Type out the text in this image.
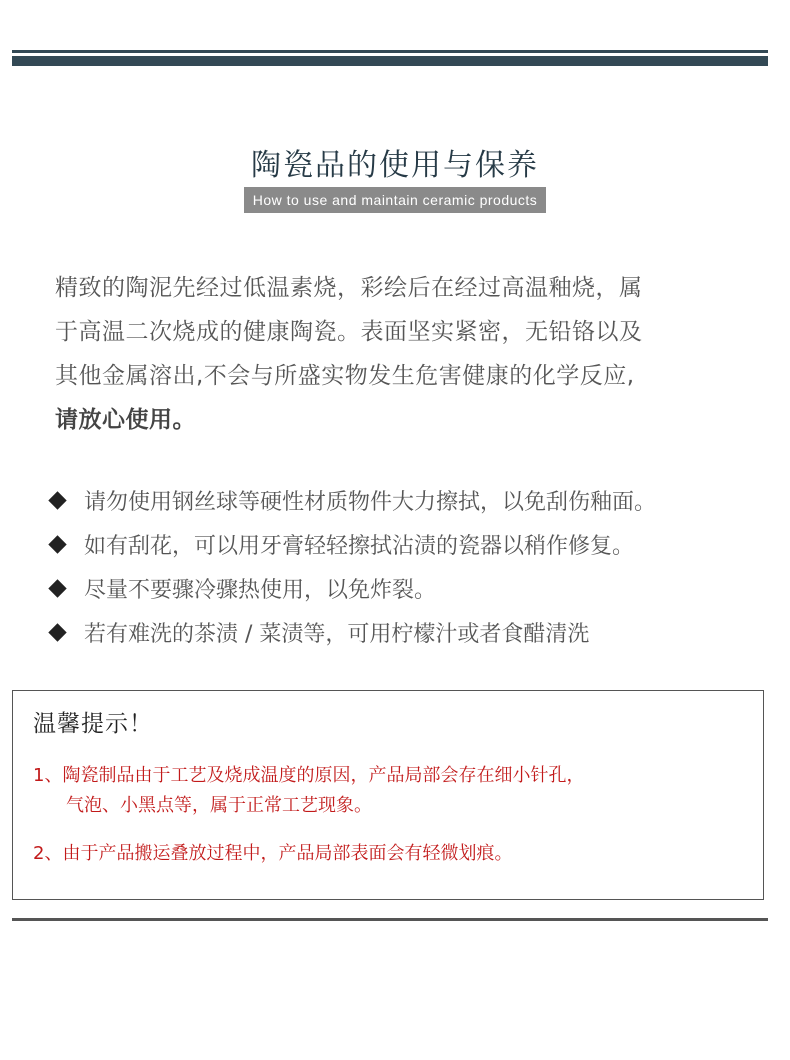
陶瓷品的使用与保养
How to use and maintain ceramic products
精致的陶泥先经过低温素烧，彩绘后在经过高温釉烧，属
于高温二次烧成的健康陶瓷。表面坚实紧密，无铅铬以及
其他金属溶出,不会与所盛实物发生危害健康的化学反应,
请放心使用。
请勿使用钢丝球等硬性材质物件大力擦拭，以免刮伤釉面。
如有刮花，可以用牙膏轻轻擦拭沾渍的瓷器以稍作修复。
尽量不要骤冷骤热使用，以免炸裂。
若有难洗的茶渍 / 菜渍等，可用柠檬汁或者食醋清洗
温馨提示！
1、陶瓷制品由于工艺及烧成温度的原因，产品局部会存在细小针孔，
气泡、小黑点等，属于正常工艺现象。
2、由于产品搬运叠放过程中，产品局部表面会有轻微划痕。
